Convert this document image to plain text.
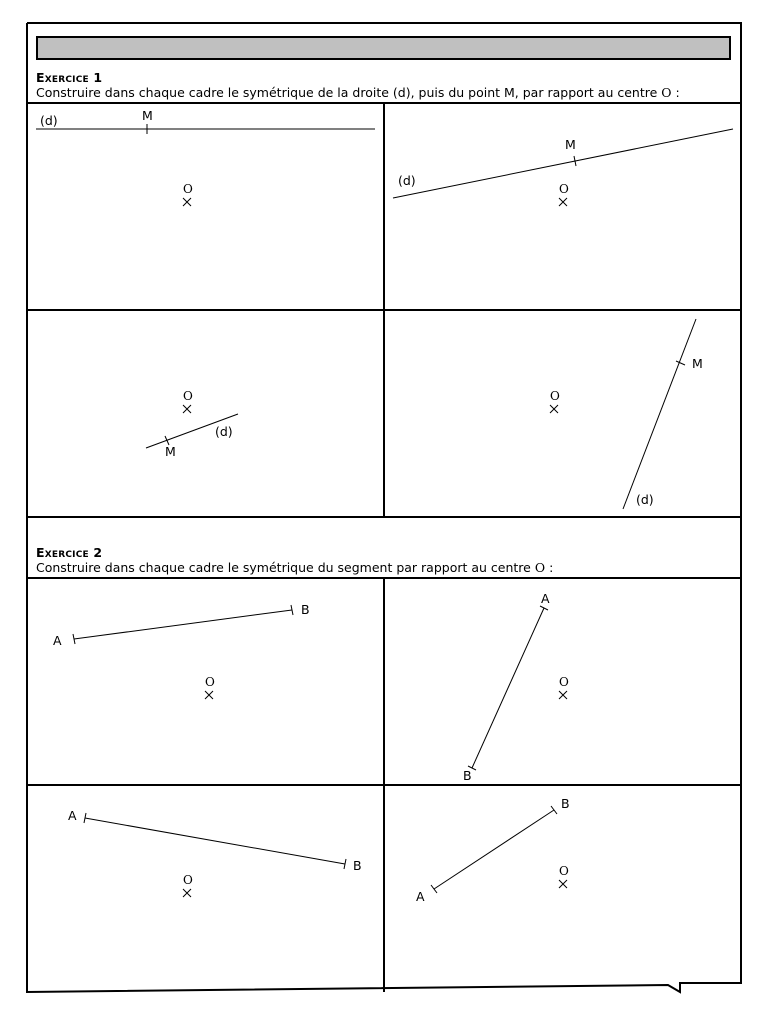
Exercice 1
Construire dans chaque cadre le symétrique de la droite (d), puis du point M, par rapport au centre O :
(d)	M
O
(d)
M
O
(d)
M
O
(d)
M
O
Exercice 2
Construire dans chaque cadre le symétrique du segment par rapport au centre O :
A
B
O
A
B
O
A
B
O
A
B
O
